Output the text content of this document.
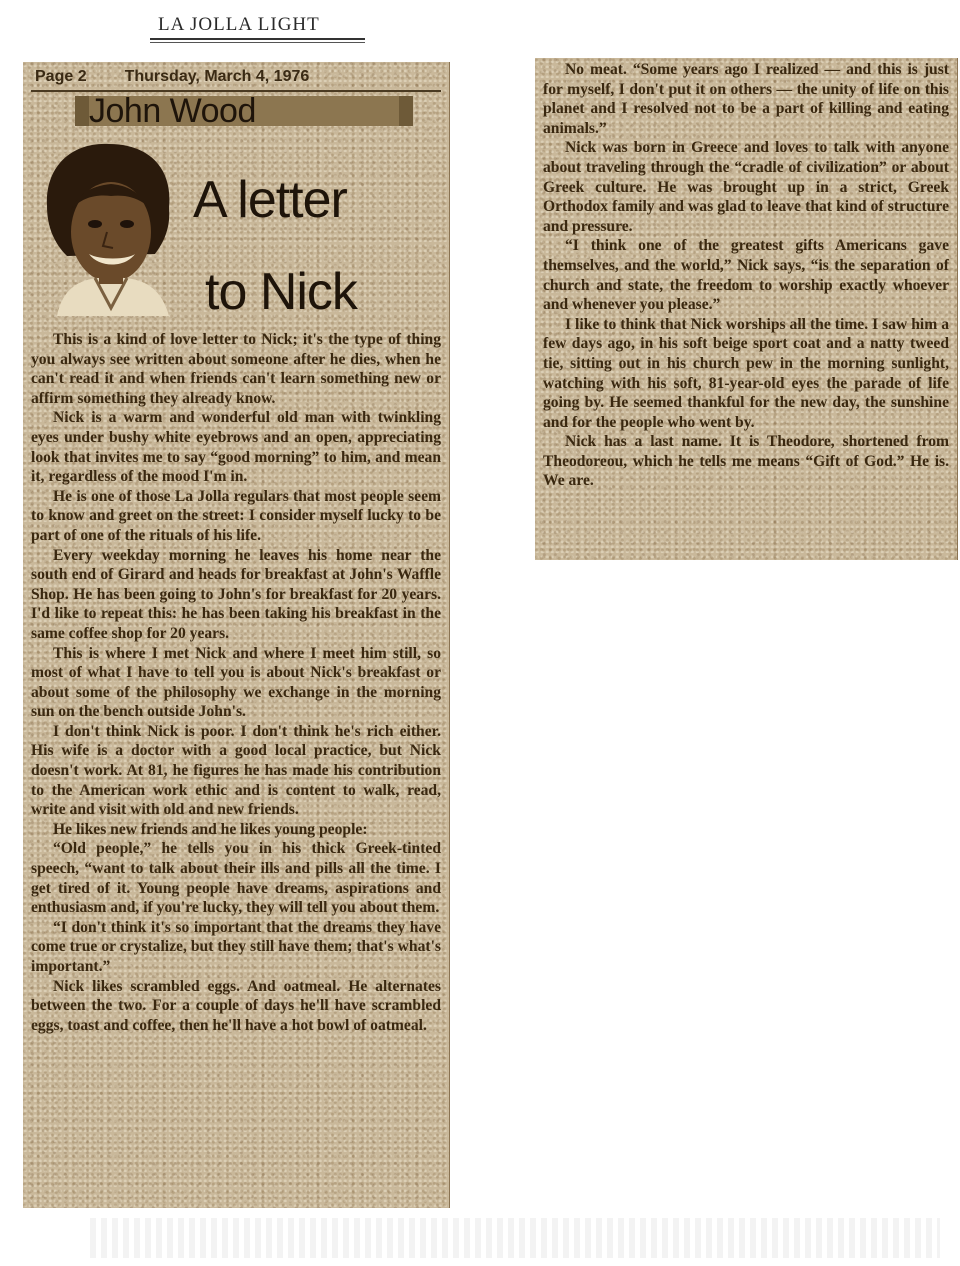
LA JOLLA LIGHT
Page 2 Thursday, March 4, 1976
John Wood
A letter
to Nick

This is a kind of love letter to Nick; it's the type of thing you always see written about someone after he dies, when he can't read it and when friends can't learn something new or affirm something they already know.

Nick is a warm and wonderful old man with twinkling eyes under bushy white eyebrows and an open, appreciating look that invites me to say “good morning” to him, and mean it, regardless of the mood I'm in.

He is one of those La Jolla regulars that most people seem to know and greet on the street: I consider myself lucky to be part of one of the rituals of his life.

Every weekday morning he leaves his home near the south end of Girard and heads for breakfast at John's Waffle Shop. He has been going to John's for breakfast for 20 years. I'd like to repeat this: he has been taking his breakfast in the same coffee shop for 20 years.

This is where I met Nick and where I meet him still, so most of what I have to tell you is about Nick's breakfast or about some of the philosophy we exchange in the morning sun on the bench outside John's.

I don't think Nick is poor. I don't think he's rich either. His wife is a doctor with a good local practice, but Nick doesn't work. At 81, he figures he has made his contribution to the American work ethic and is content to walk, read, write and visit with old and new friends.

He likes new friends and he likes young people:

“Old people,” he tells you in his thick Greek-tinted speech, “want to talk about their ills and pills all the time. I get tired of it. Young people have dreams, aspirations and enthusiasm and, if you're lucky, they will tell you about them.

“I don't think it's so important that the dreams they have come true or crystalize, but they still have them; that's what's important.”

Nick likes scrambled eggs. And oatmeal. He alternates between the two. For a couple of days he'll have scrambled eggs, toast and coffee, then he'll have a hot bowl of oatmeal.

No meat. “Some years ago I realized — and this is just for myself, I don't put it on others — the unity of life on this planet and I resolved not to be a part of killing and eating animals.”

Nick was born in Greece and loves to talk with anyone about traveling through the “cradle of civilization” or about Greek culture. He was brought up in a strict, Greek Orthodox family and was glad to leave that kind of structure and pressure.

“I think one of the greatest gifts Americans gave themselves, and the world,” Nick says, “is the separation of church and state, the freedom to worship exactly whoever and whenever you please.”

I like to think that Nick worships all the time. I saw him a few days ago, in his soft beige sport coat and a natty tweed tie, sitting out in his church pew in the morning sunlight, watching with his soft, 81-year-old eyes the parade of life going by. He seemed thankful for the new day, the sunshine and for the people who went by.

Nick has a last name. It is Theodore, shortened from Theodoreou, which he tells me means “Gift of God.” He is. We are.
